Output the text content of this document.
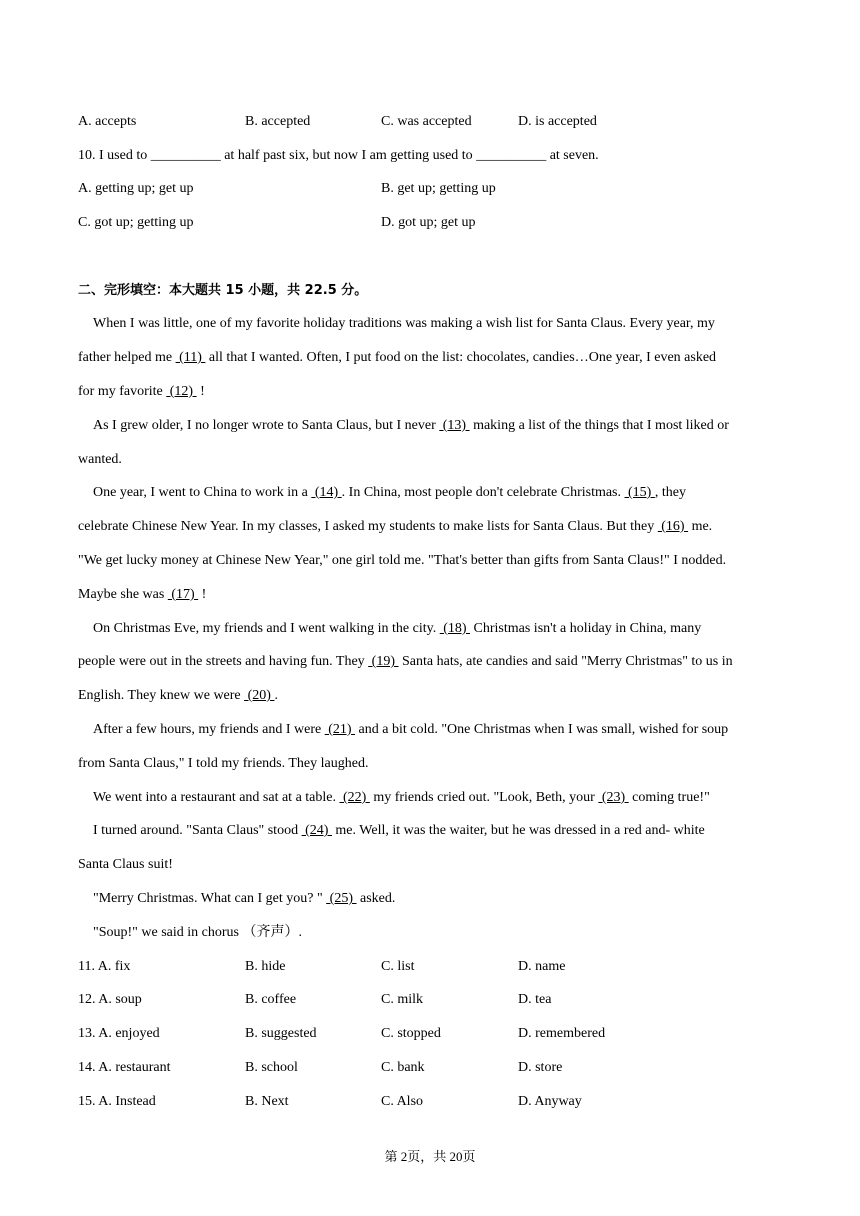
A. accepts	B. accepted	C. was accepted	D. is accepted
10. I used to __________ at half past six, but now I am getting used to __________ at seven.
A. getting up; get up	B. get up; getting up
C. got up; getting up	D. got up; get up
二、完形填空：本大题共 15 小题，共 22.5 分。
When I was little, one of my favorite holiday traditions was making a wish list for Santa Claus. Every year, my
father helped me  (11)  all that I wanted. Often, I put food on the list: chocolates, candies…One year, I even asked
for my favorite  (12)  !
As I grew older, I no longer wrote to Santa Claus, but I never  (13)  making a list of the things that I most liked or
wanted.
One year, I went to China to work in a  (14) . In China, most people don't celebrate Christmas.  (15) , they
celebrate Chinese New Year. In my classes, I asked my students to make lists for Santa Claus. But they  (16)  me.
"We get lucky money at Chinese New Year," one girl told me. "That's better than gifts from Santa Claus!" I nodded.
Maybe she was  (17)  !
On Christmas Eve, my friends and I went walking in the city.  (18)  Christmas isn't a holiday in China, many
people were out in the streets and having fun. They  (19)  Santa hats, ate candies and said "Merry Christmas" to us in
English. They knew we were  (20) .
After a few hours, my friends and I were  (21)  and a bit cold. "One Christmas when I was small, wished for soup
from Santa Claus," I told my friends. They laughed.
We went into a restaurant and sat at a table.  (22)  my friends cried out. "Look, Beth, your  (23)  coming true!"
I turned around. "Santa Claus" stood  (24)  me. Well, it was the waiter, but he was dressed in a red and- white
Santa Claus suit!
"Merry Christmas. What can I get you? "  (25)  asked.
"Soup!" we said in chorus （齐声）.
11. A. fix	B. hide	C. list	D. name
12. A. soup	B. coffee	C. milk	D. tea
13. A. enjoyed	B. suggested	C. stopped	D. remembered
14. A. restaurant	B. school	C. bank	D. store
15. A. Instead	B. Next	C. Also	D. Anyway
第 2页，共 20页
